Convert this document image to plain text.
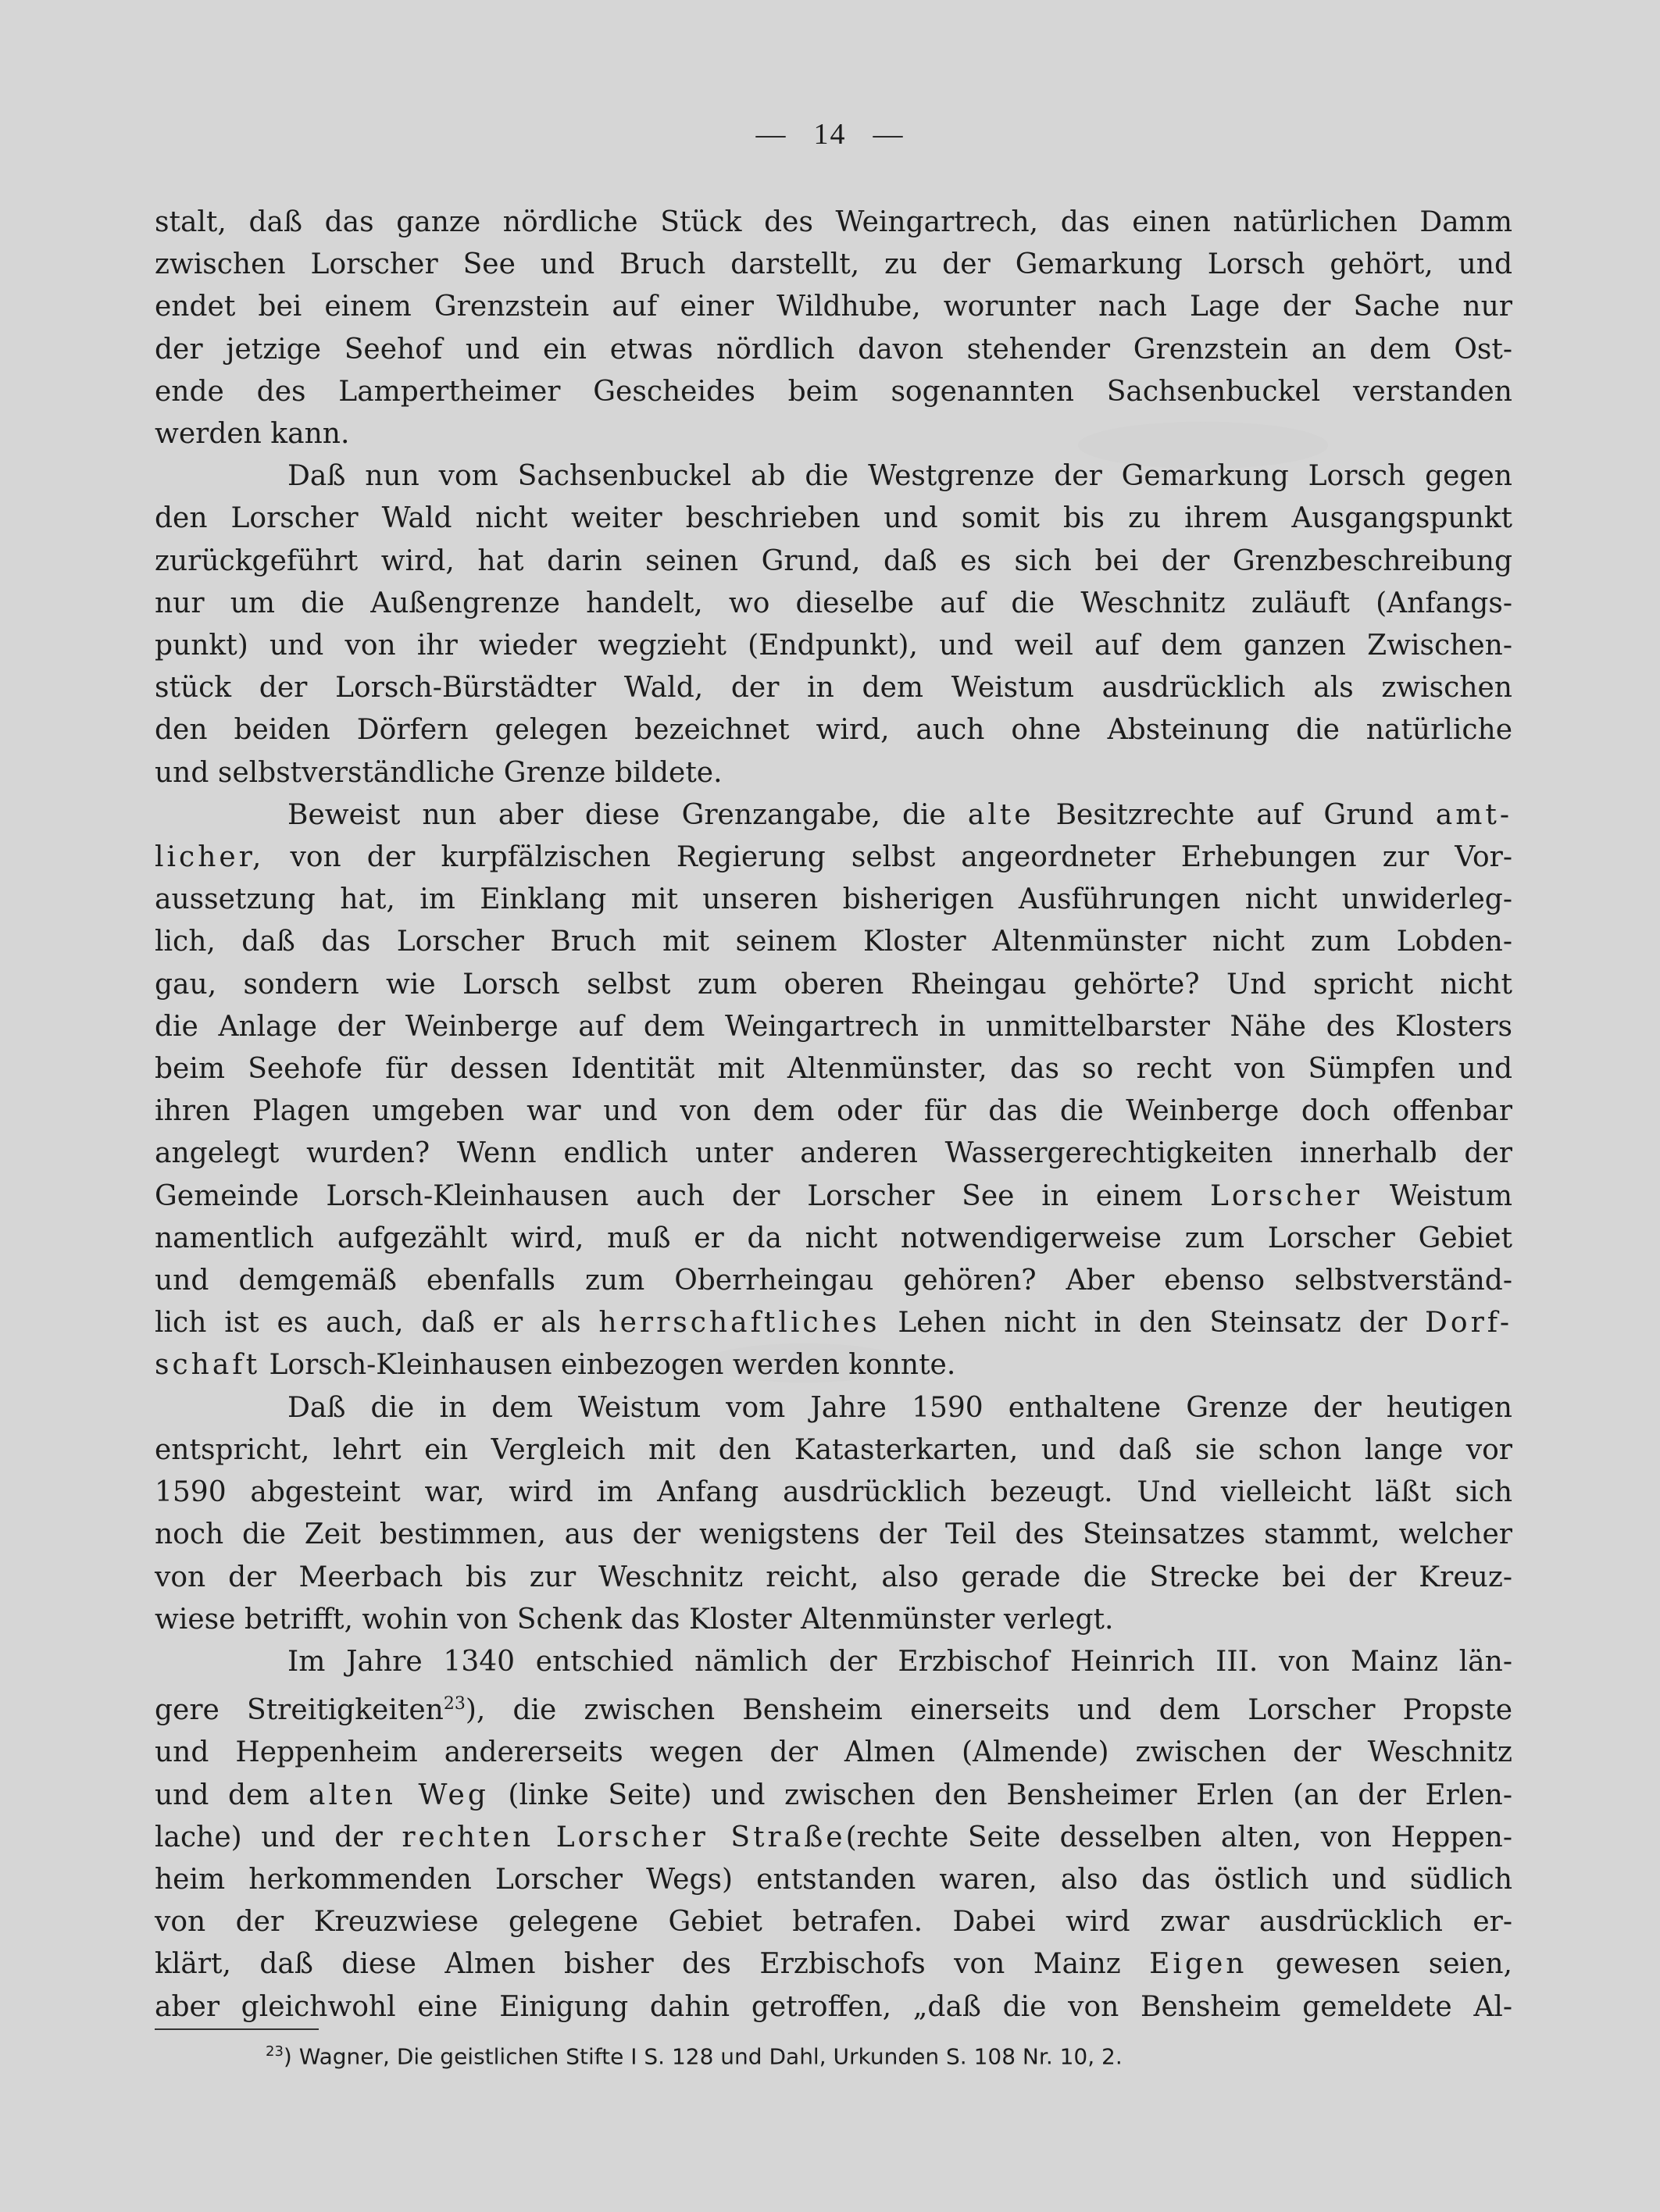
— 14 —

stalt, daß das ganze nördliche Stück des Weingartrech, das einen natürlichen Damm
zwischen Lorscher See und Bruch darstellt, zu der Gemarkung Lorsch gehört, und
endet bei einem Grenzstein auf einer Wildhube, worunter nach Lage der Sache nur
der jetzige Seehof und ein etwas nördlich davon stehender Grenzstein an dem Ost-
ende des Lampertheimer Gescheides beim sogenannten Sachsenbuckel verstanden
werden kann.

Daß nun vom Sachsenbuckel ab die Westgrenze der Gemarkung Lorsch gegen
den Lorscher Wald nicht weiter beschrieben und somit bis zu ihrem Ausgangspunkt
zurückgeführt wird, hat darin seinen Grund, daß es sich bei der Grenzbeschreibung
nur um die Außengrenze handelt, wo dieselbe auf die Weschnitz zuläuft (Anfangs-
punkt) und von ihr wieder wegzieht (Endpunkt), und weil auf dem ganzen Zwischen-
stück der Lorsch-Bürstädter Wald, der in dem Weistum ausdrücklich als zwischen
den beiden Dörfern gelegen bezeichnet wird, auch ohne Absteinung die natürliche
und selbstverständliche Grenze bildete.

Beweist nun aber diese Grenzangabe, die alte Besitzrechte auf Grund amt-
licher, von der kurpfälzischen Regierung selbst angeordneter Erhebungen zur Vor-
aussetzung hat, im Einklang mit unseren bisherigen Ausführungen nicht unwiderleg-
lich, daß das Lorscher Bruch mit seinem Kloster Altenmünster nicht zum Lobden-
gau, sondern wie Lorsch selbst zum oberen Rheingau gehörte? Und spricht nicht
die Anlage der Weinberge auf dem Weingartrech in unmittelbarster Nähe des Klosters
beim Seehofe für dessen Identität mit Altenmünster, das so recht von Sümpfen und
ihren Plagen umgeben war und von dem oder für das die Weinberge doch offenbar
angelegt wurden? Wenn endlich unter anderen Wassergerechtigkeiten innerhalb der
Gemeinde Lorsch-Kleinhausen auch der Lorscher See in einem Lorscher Weistum
namentlich aufgezählt wird, muß er da nicht notwendigerweise zum Lorscher Gebiet
und demgemäß ebenfalls zum Oberrheingau gehören? Aber ebenso selbstverständ-
lich ist es auch, daß er als herrschaftliches Lehen nicht in den Steinsatz der Dorf-
schaft Lorsch-Kleinhausen einbezogen werden konnte.

Daß die in dem Weistum vom Jahre 1590 enthaltene Grenze der heutigen
entspricht, lehrt ein Vergleich mit den Katasterkarten, und daß sie schon lange vor
1590 abgesteint war, wird im Anfang ausdrücklich bezeugt. Und vielleicht läßt sich
noch die Zeit bestimmen, aus der wenigstens der Teil des Steinsatzes stammt, welcher
von der Meerbach bis zur Weschnitz reicht, also gerade die Strecke bei der Kreuz-
wiese betrifft, wohin von Schenk das Kloster Altenmünster verlegt.

Im Jahre 1340 entschied nämlich der Erzbischof Heinrich III. von Mainz län-
gere Streitigkeiten$^{23}$), die zwischen Bensheim einerseits und dem Lorscher Propste
und Heppenheim andererseits wegen der Almen (Almende) zwischen der Weschnitz
und dem alten Weg (linke Seite) und zwischen den Bensheimer Erlen (an der Erlen-
lache) und der rechten Lorscher Straße(rechte Seite desselben alten, von Heppen-
heim herkommenden Lorscher Wegs) entstanden waren, also das östlich und südlich
von der Kreuzwiese gelegene Gebiet betrafen. Dabei wird zwar ausdrücklich er-
klärt, daß diese Almen bisher des Erzbischofs von Mainz Eigen gewesen seien,
aber gleichwohl eine Einigung dahin getroffen, „daß die von Bensheim gemeldete Al-

$^{23}$) Wagner, Die geistlichen Stifte I S. 128 und Dahl, Urkunden S. 108 Nr. 10, 2.
